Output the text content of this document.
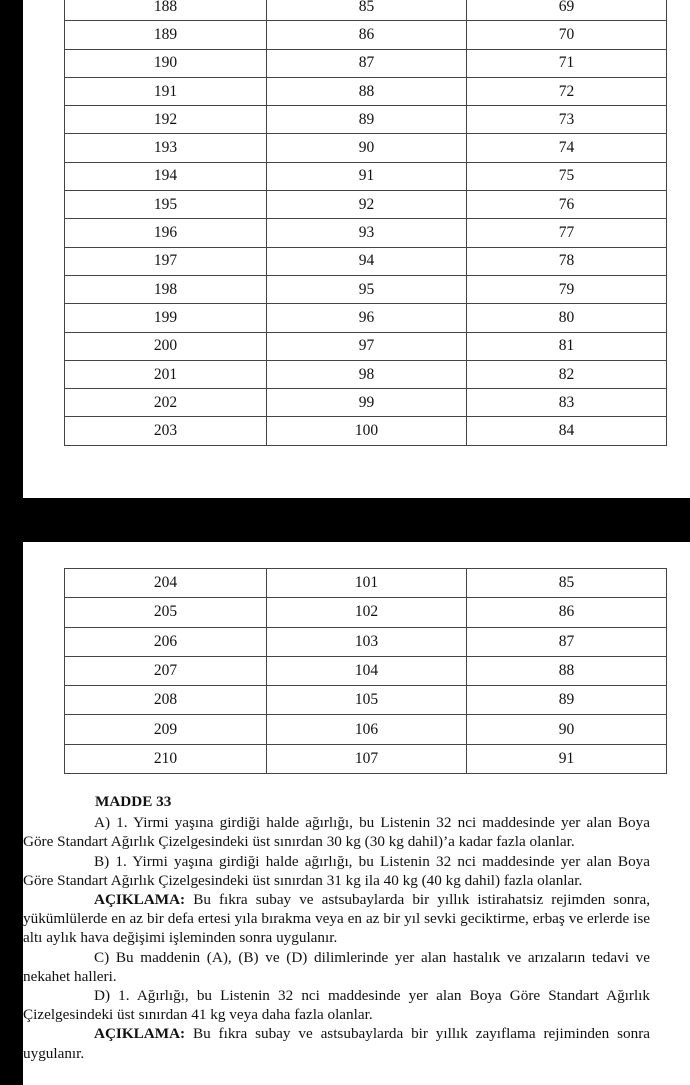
188	85	69
189	86	70
190	87	71
191	88	72
192	89	73
193	90	74
194	91	75
195	92	76
196	93	77
197	94	78
198	95	79
199	96	80
200	97	81
201	98	82
202	99	83
203	100	84
204	101	85
205	102	86
206	103	87
207	104	88
208	105	89
209	106	90
210	107	91
MADDE 33

A) 1. Yirmi yaşına girdiği halde ağırlığı, bu Listenin 32 nci maddesinde yer alan Boya Göre Standart Ağırlık Çizelgesindeki üst sınırdan 30 kg (30 kg dahil)’a kadar fazla olanlar.

B) 1. Yirmi yaşına girdiği halde ağırlığı, bu Listenin 32 nci maddesinde yer alan Boya Göre Standart Ağırlık Çizelgesindeki üst sınırdan 31 kg ila 40 kg (40 kg dahil) fazla olanlar.

AÇIKLAMA: Bu fıkra subay ve astsubaylarda bir yıllık istirahatsiz rejimden sonra, yükümlülerde en az bir defa ertesi yıla bırakma veya en az bir yıl sevki geciktirme, erbaş ve erlerde ise altı aylık hava değişimi işleminden sonra uygulanır.

C) Bu maddenin (A), (B) ve (D) dilimlerinde yer alan hastalık ve arızaların tedavi ve nekahet halleri.

D) 1. Ağırlığı, bu Listenin 32 nci maddesinde yer alan Boya Göre Standart Ağırlık Çizelgesindeki üst sınırdan 41 kg veya daha fazla olanlar.

AÇIKLAMA: Bu fıkra subay ve astsubaylarda bir yıllık zayıflama rejiminden sonra uygulanır.
